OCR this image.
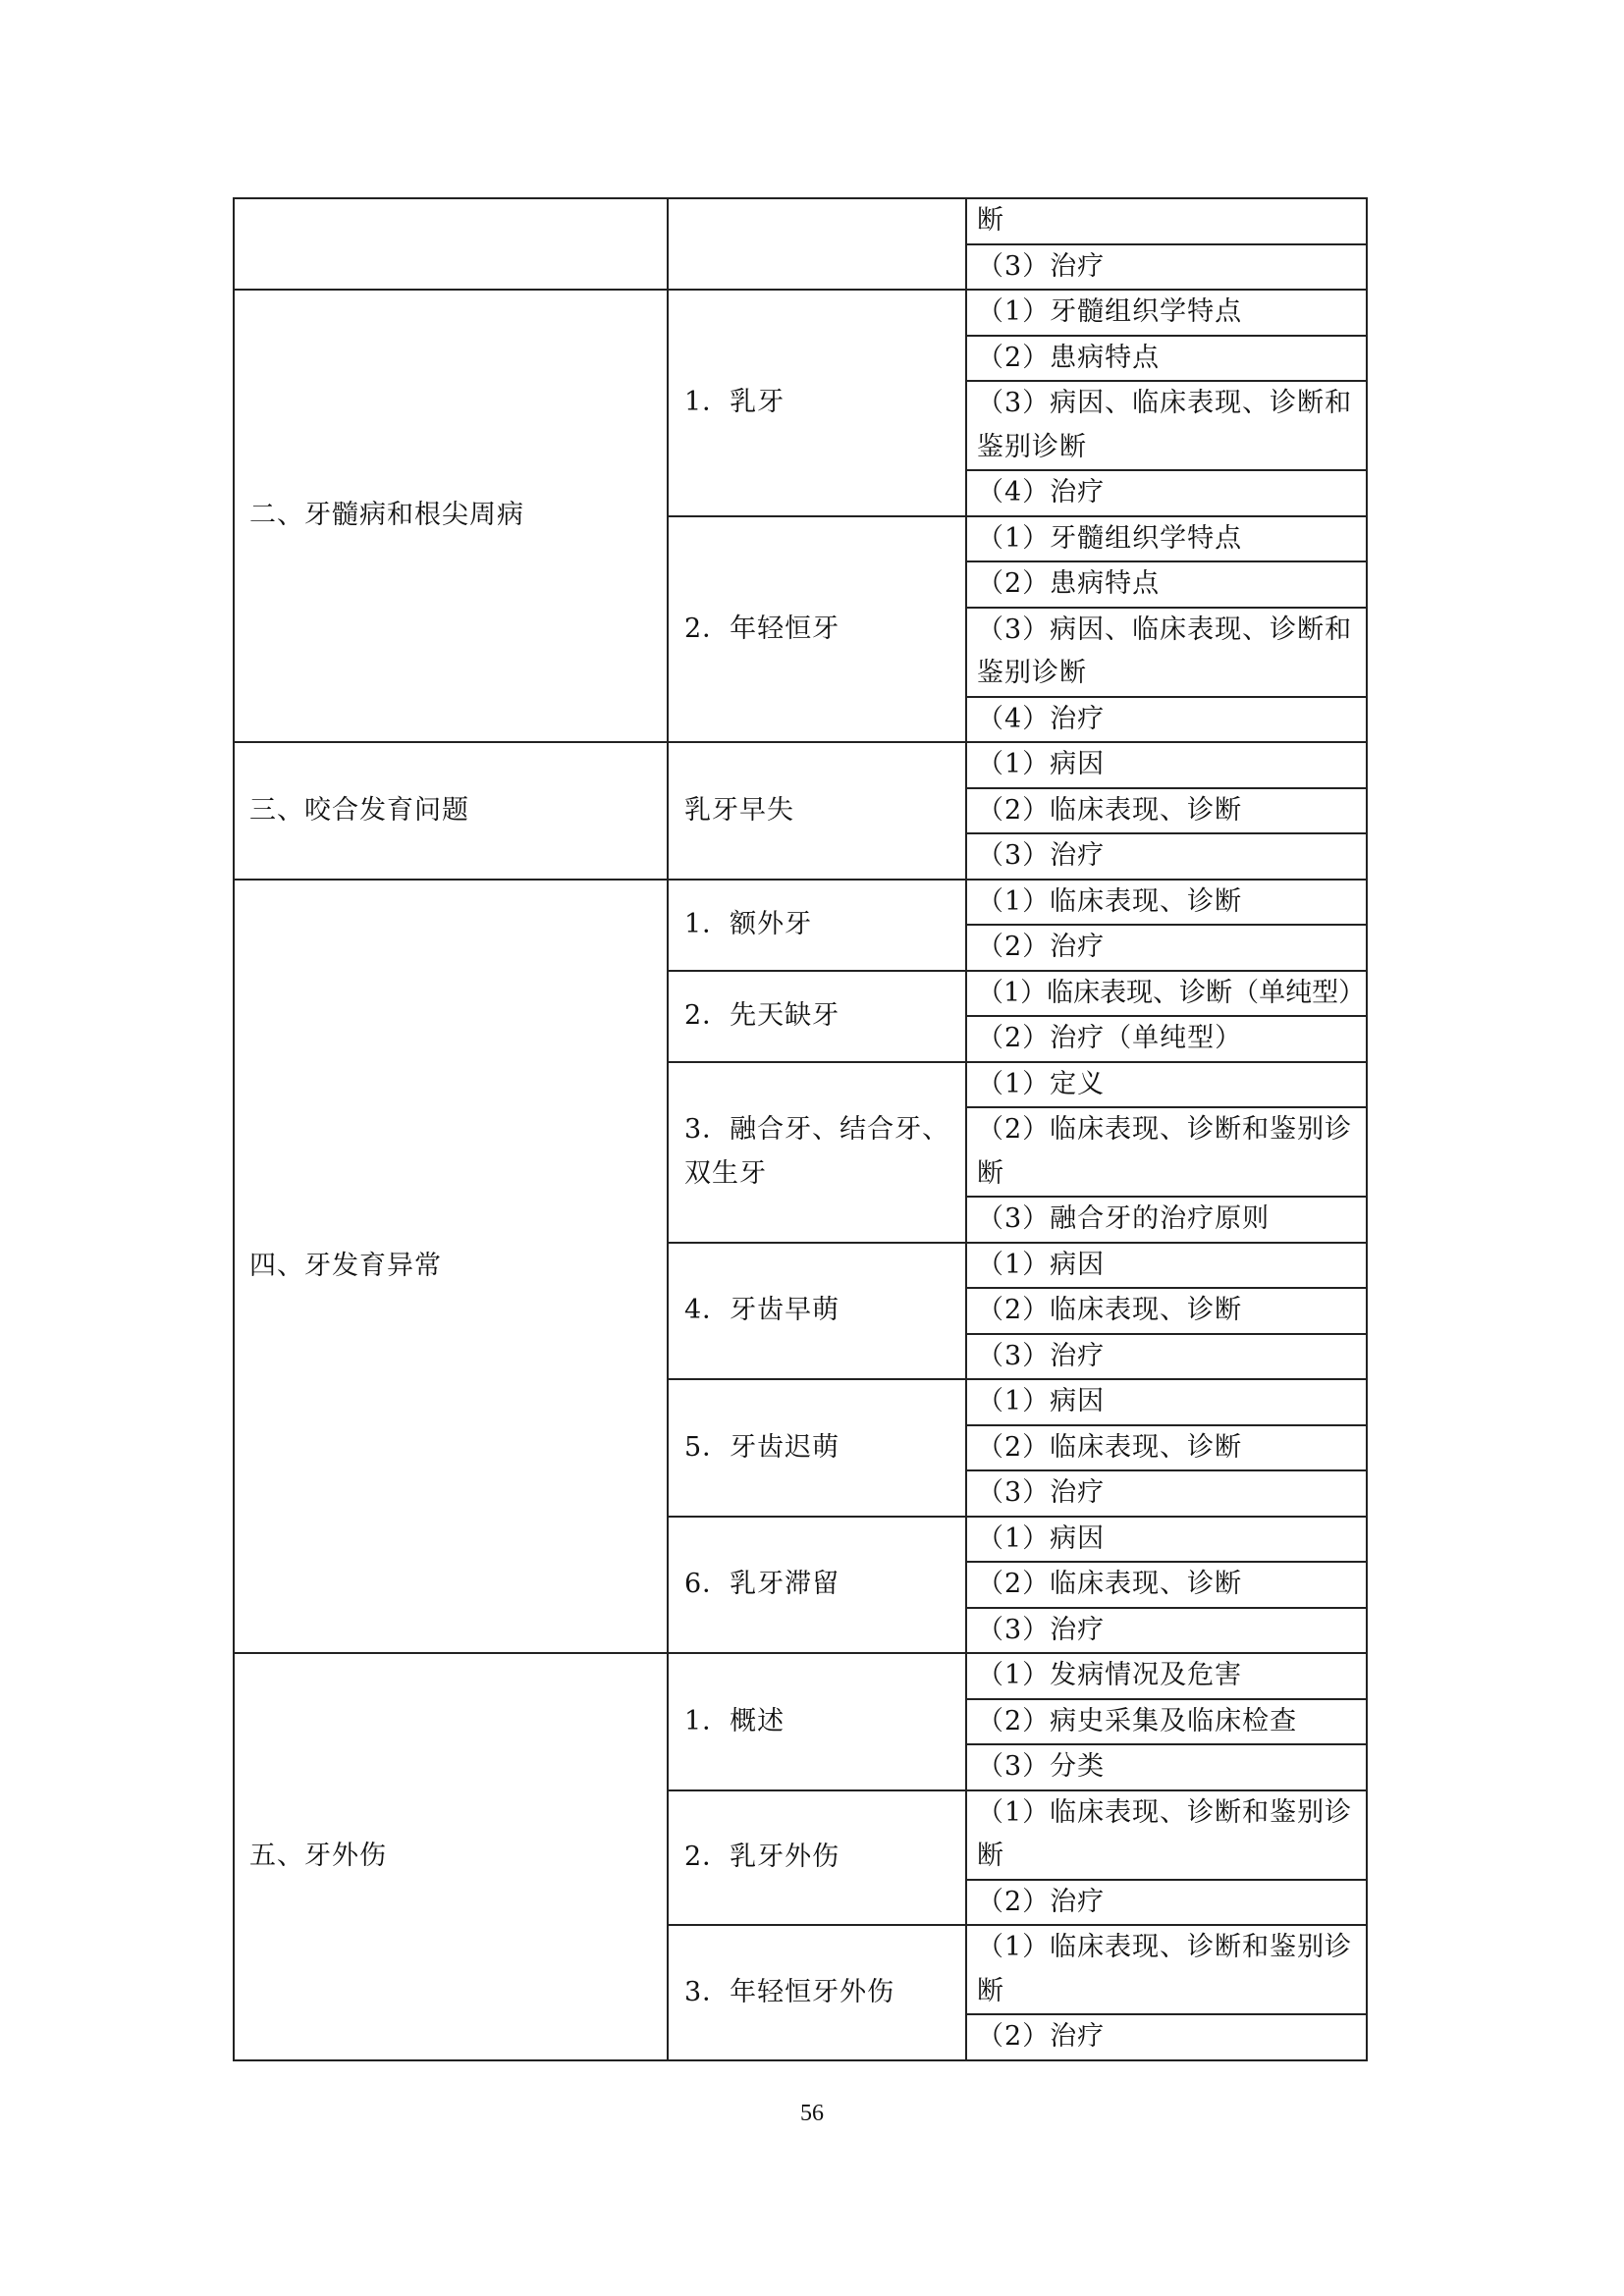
		断
		（3）治疗
二、牙髓病和根尖周病	1．乳牙	（1）牙髓组织学特点
		（2）患病特点
		（3）病因、临床表现、诊断和鉴别诊断
		（4）治疗
	2．年轻恒牙	（1）牙髓组织学特点
		（2）患病特点
		（3）病因、临床表现、诊断和鉴别诊断
		（4）治疗
三、咬合发育问题	乳牙早失	（1）病因
		（2）临床表现、诊断
		（3）治疗
四、牙发育异常	1．额外牙	（1）临床表现、诊断
		（2）治疗
	2．先天缺牙	（1）临床表现、诊断（单纯型）
		（2）治疗（单纯型）
	3．融合牙、结合牙、双生牙	（1）定义
		（2）临床表现、诊断和鉴别诊断
		（3）融合牙的治疗原则
	4．牙齿早萌	（1）病因
		（2）临床表现、诊断
		（3）治疗
	5．牙齿迟萌	（1）病因
		（2）临床表现、诊断
		（3）治疗
	6．乳牙滞留	（1）病因
		（2）临床表现、诊断
		（3）治疗
五、牙外伤	1．概述	（1）发病情况及危害
		（2）病史采集及临床检查
		（3）分类
	2．乳牙外伤	（1）临床表现、诊断和鉴别诊断
		（2）治疗
	3．年轻恒牙外伤	（1）临床表现、诊断和鉴别诊断
		（2）治疗
56
